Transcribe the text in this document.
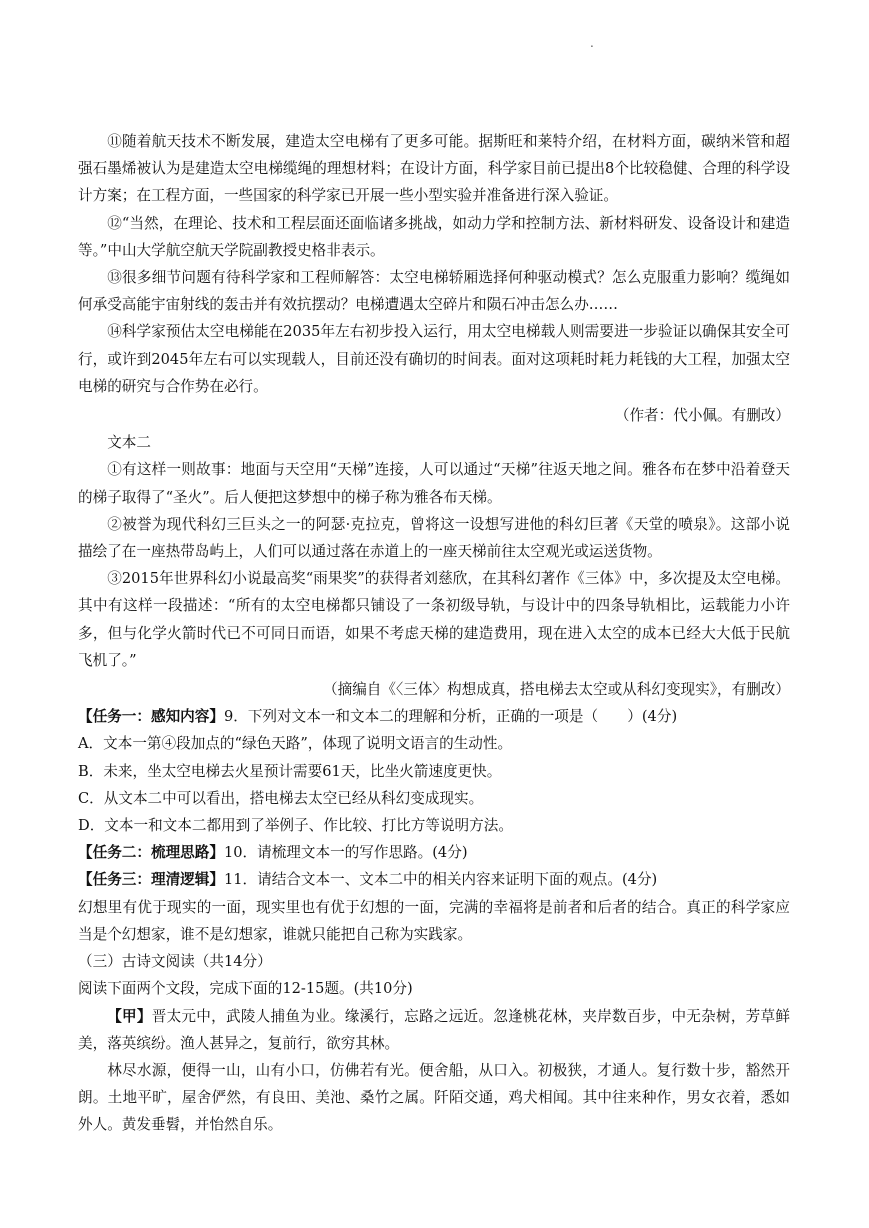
.

⑪随着航天技术不断发展，建造太空电梯有了更多可能。据斯旺和莱特介绍，在材料方面，碳纳米管和超强石墨烯被认为是建造太空电梯缆绳的理想材料；在设计方面，科学家目前已提出8个比较稳健、合理的科学设计方案；在工程方面，一些国家的科学家已开展一些小型实验并准备进行深入验证。

⑫“当然，在理论、技术和工程层面还面临诸多挑战，如动力学和控制方法、新材料研发、设备设计和建造等。”中山大学航空航天学院副教授史格非表示。

⑬很多细节问题有待科学家和工程师解答：太空电梯轿厢选择何种驱动模式？怎么克服重力影响？缆绳如何承受高能宇宙射线的轰击并有效抗摆动？电梯遭遇太空碎片和陨石冲击怎么办……

⑭科学家预估太空电梯能在2035年左右初步投入运行，用太空电梯载人则需要进一步验证以确保其安全可行，或许到2045年左右可以实现载人，目前还没有确切的时间表。面对这项耗时耗力耗钱的大工程，加强太空电梯的研究与合作势在必行。

（作者：代小佩。有删改）

文本二

①有这样一则故事：地面与天空用“天梯”连接，人可以通过“天梯”往返天地之间。雅各布在梦中沿着登天的梯子取得了“圣火”。后人便把这梦想中的梯子称为雅各布天梯。

②被誉为现代科幻三巨头之一的阿瑟·克拉克，曾将这一设想写进他的科幻巨著《天堂的喷泉》。这部小说描绘了在一座热带岛屿上，人们可以通过落在赤道上的一座天梯前往太空观光或运送货物。

③2015年世界科幻小说最高奖“雨果奖”的获得者刘慈欣，在其科幻著作《三体》中，多次提及太空电梯。其中有这样一段描述：“所有的太空电梯都只铺设了一条初级导轨，与设计中的四条导轨相比，运载能力小许多，但与化学火箭时代已不可同日而语，如果不考虑天梯的建造费用，现在进入太空的成本已经大大低于民航飞机了。”

（摘编自《〈三体〉构想成真，搭电梯去太空或从科幻变现实》，有删改）

【任务一：感知内容】9．下列对文本一和文本二的理解和分析，正确的一项是（　　）(4分)

A．文本一第④段加点的“绿色天路”，体现了说明文语言的生动性。

B．未来，坐太空电梯去火星预计需要61天，比坐火箭速度更快。

C．从文本二中可以看出，搭电梯去太空已经从科幻变成现实。

D．文本一和文本二都用到了举例子、作比较、打比方等说明方法。

【任务二：梳理思路】10．请梳理文本一的写作思路。(4分)

【任务三：理清逻辑】11．请结合文本一、文本二中的相关内容来证明下面的观点。(4分)

幻想里有优于现实的一面，现实里也有优于幻想的一面，完满的幸福将是前者和后者的结合。真正的科学家应当是个幻想家，谁不是幻想家，谁就只能把自己称为实践家。

（三）古诗文阅读（共14分）

阅读下面两个文段，完成下面的12-15题。(共10分)

【甲】晋太元中，武陵人捕鱼为业。缘溪行，忘路之远近。忽逢桃花林，夹岸数百步，中无杂树，芳草鲜美，落英缤纷。渔人甚异之，复前行，欲穷其林。

林尽水源，便得一山，山有小口，仿佛若有光。便舍船，从口入。初极狭，才通人。复行数十步，豁然开朗。土地平旷，屋舍俨然，有良田、美池、桑竹之属。阡陌交通，鸡犬相闻。其中往来种作，男女衣着，悉如外人。黄发垂髫，并怡然自乐。
